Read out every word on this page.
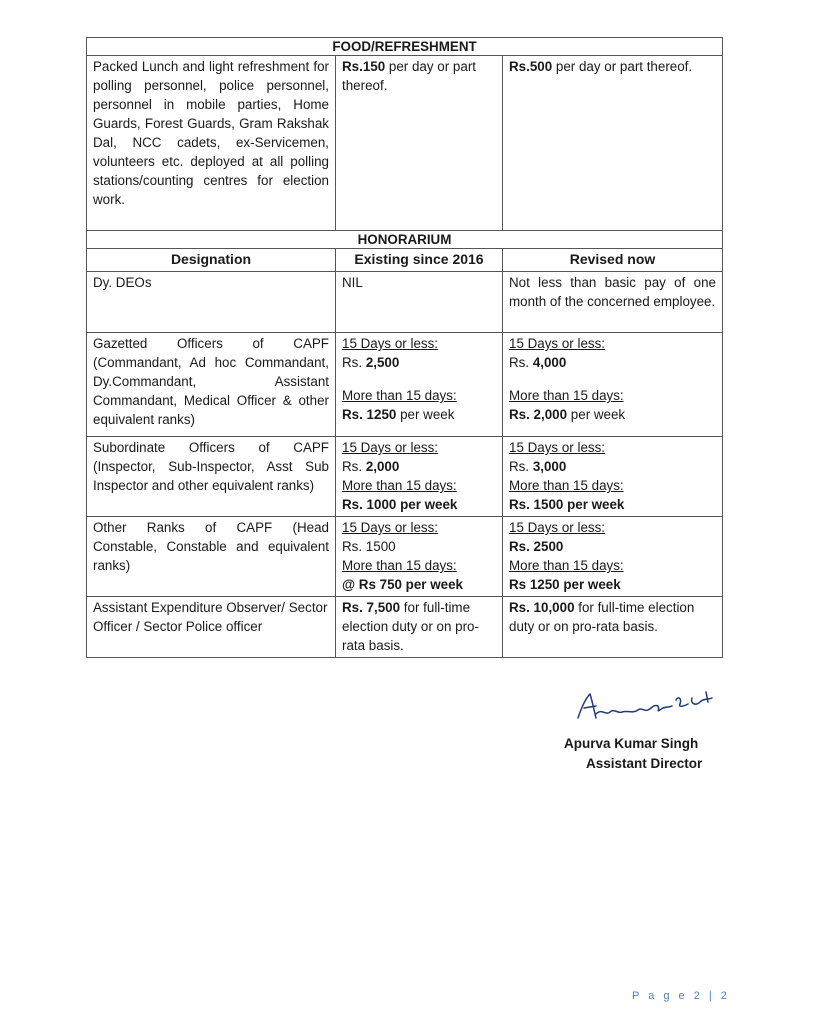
FOOD/REFRESHMENT		
Packed Lunch and light refreshment for polling personnel, police personnel, personnel in mobile parties, Home Guards, Forest Guards, Gram Rakshak Dal, NCC cadets, ex-Servicemen, volunteers etc. deployed at all polling stations/counting centres for election work.	Rs.150 per day or part thereof.	Rs.500 per day or part thereof.
HONORARIUM		
Designation	Existing since 2016	Revised now
Dy. DEOs	NIL	Not less than basic pay of one month of the concerned employee.
Gazetted Officers of CAPF (Commandant, Ad hoc Commandant, Dy.Commandant, Assistant Commandant, Medical Officer & other equivalent ranks)	15 Days or less:
Rs. 2,500
More than 15 days:
Rs. 1250 per week	15 Days or less:
Rs. 4,000
More than 15 days:
Rs. 2,000 per week

Subordinate Officers of CAPF (Inspector, Sub-Inspector, Asst Sub Inspector and other equivalent ranks)	15 Days or less:
Rs. 2,000
More than 15 days:
Rs. 1000 per week	15 Days or less:
Rs. 3,000
More than 15 days:
Rs. 1500 per week

Other Ranks of CAPF (Head Constable, Constable and equivalent ranks)	15 Days or less:
Rs. 1500
More than 15 days:
@ Rs 750 per week	15 Days or less:
Rs. 2500
More than 15 days:
Rs 1250 per week

Assistant Expenditure Observer/ Sector Officer / Sector Police officer	Rs. 7,500 for full-time election duty or on pro-rata basis.	Rs. 10,000 for full-time election duty or on pro-rata basis.
Apurva Kumar Singh
Assistant Director
P a g e 2 | 2
